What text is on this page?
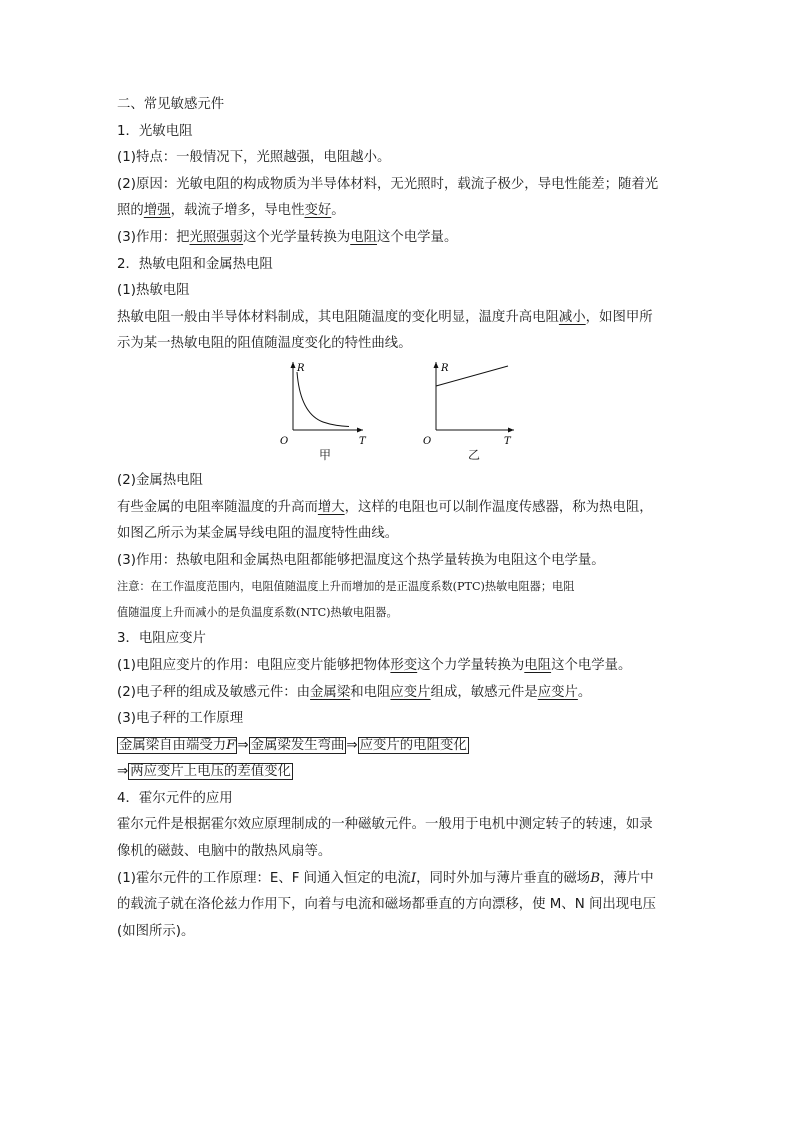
二、常见敏感元件
1．光敏电阻
(1)特点：一般情况下，光照越强，电阻越小。
(2)原因：光敏电阻的构成物质为半导体材料，无光照时，载流子极少，导电性能差；随着光
照的增强，载流子增多，导电性变好。
(3)作用：把光照强弱这个光学量转换为电阻这个电学量。
2．热敏电阻和金属热电阻
(1)热敏电阻
热敏电阻一般由半导体材料制成，其电阻随温度的变化明显，温度升高电阻减小，如图甲所
示为某一热敏电阻的阻值随温度变化的特性曲线。
R
T
O
甲
R
T
O
乙
(2)金属热电阻
有些金属的电阻率随温度的升高而增大，这样的电阻也可以制作温度传感器，称为热电阻，
如图乙所示为某金属导线电阻的温度特性曲线。
(3)作用：热敏电阻和金属热电阻都能够把温度这个热学量转换为电阻这个电学量。
注意：在工作温度范围内，电阻值随温度上升而增加的是正温度系数(PTC)热敏电阻器；电阻
值随温度上升而减小的是负温度系数(NTC)热敏电阻器。
3．电阻应变片
(1)电阻应变片的作用：电阻应变片能够把物体形变这个力学量转换为电阻这个电学量。
(2)电子秤的组成及敏感元件：由金属梁和电阻应变片组成，敏感元件是应变片。
(3)电子秤的工作原理
金属梁自由端受力F ⇒ 金属梁发生弯曲 ⇒ 应变片的电阻变化
⇒ 两应变片上电压的差值变化
4．霍尔元件的应用
霍尔元件是根据霍尔效应原理制成的一种磁敏元件。一般用于电机中测定转子的转速，如录
像机的磁鼓、电脑中的散热风扇等。
(1)霍尔元件的工作原理：E、F 间通入恒定的电流I，同时外加与薄片垂直的磁场B，薄片中
的载流子就在洛伦兹力作用下，向着与电流和磁场都垂直的方向漂移，使 M、N 间出现电压
(如图所示)。
